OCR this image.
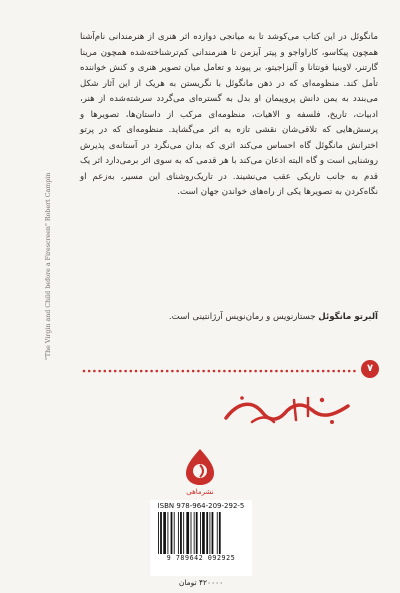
مانگوئل در این کتاب می‌کوشد تا به میانجی دوازده اثر هنری از هنرمندانی نام‌آشنا همچون پیکاسو، کاراواجو و پیتر آیزمن تا هنرمندانی کم‌ترشناخته‌شده همچون مرینا گارتنر، لاوینیا فونتانا و آلیزاجیتو، بر پیوند و تعامل میان تصویر هنری و کنش خواننده تأمل کند. منظومه‌ای که در ذهن مانگوئل با نگریستن به هریک از این آثار شکل می‌بندد به یمن دانش پروپیمان او بدل به گستره‌ای می‌گردد سرشته‌شده از هنر، ادبیات، تاریخ، فلسفه و الاهیات، منظومه‌ای مرکب از داستان‌ها، تصویرها و پرسش‌هایی که تلاقی‌شان نقشی تازه به اثر می‌گشاید. منظومه‌ای که در پرتو اخترانش مانگوئل گاه احساس می‌کند اثری که بدان می‌نگرد در آستانه‌ی پذیرش روشنایی است و گاه البته اذعان می‌کند با هر قدمی که به سوی اثر برمی‌دارد اثر یک قدم به جانب تاریکی عقب می‌نشیند. در تاریک‌روشنای این مسیر، به‌زعم او نگاه‌کردن به تصویرها یکی از راه‌های خواندن جهان است.
آلبرتو مانگوئل جستارنویس و رمان‌نویس آرژانتینی است.
۷
"The Virgin and Child before a Firescreen" Robert Campin
نشرماهی
ISBN 978-964-209-292-5
9 789642 092925
۴۲۰۰۰۰ تومان
